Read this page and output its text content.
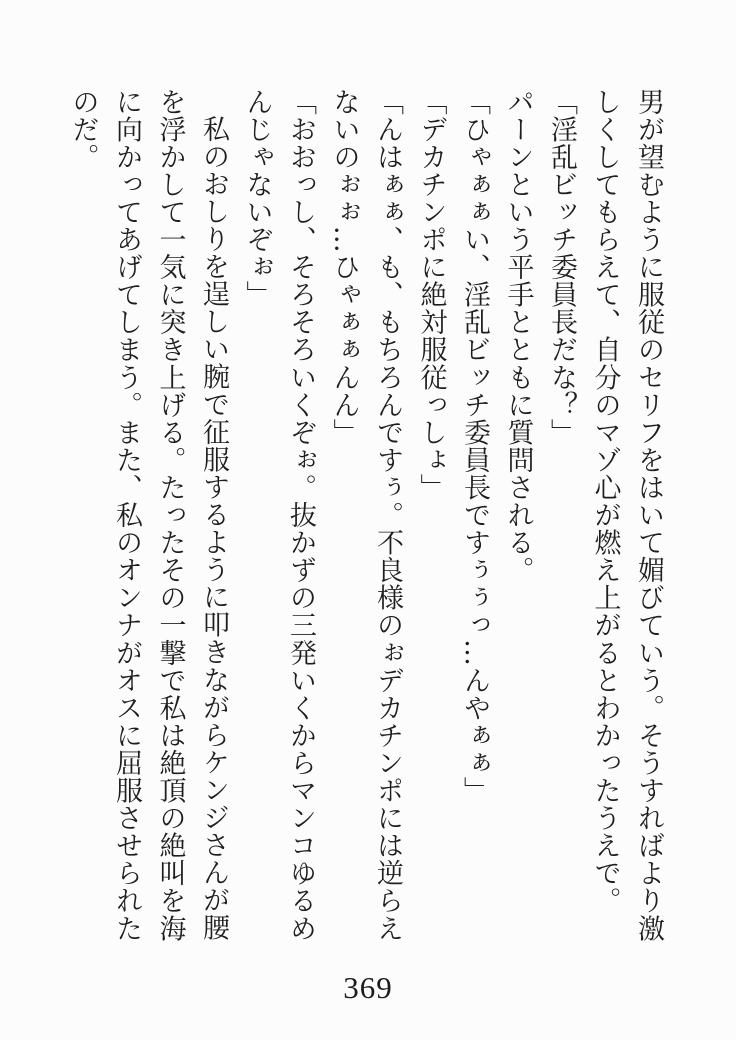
男が望むように服従のセリフをはいて媚びていう。そうすればより激

しくしてもらえて、自分のマゾ心が燃え上がるとわかったうえで。

「淫乱ビッチ委員長だな？」

パーンという平手とともに質問される。

「ひゃぁぁい、淫乱ビッチ委員長ですぅぅっ…んやぁぁ」

「デカチンポに絶対服従っしょ」

「んはぁぁ、も、もちろんですぅ。不良様のぉデカチンポには逆らえ

ないのぉぉ…ひゃぁぁんん」

「おおっし、そろそろいくぞぉ。抜かずの三発いくからマンコゆるめ

んじゃないぞぉ」

私のおしりを逞しい腕で征服するように叩きながらケンジさんが腰

を浮かして一気に突き上げる。たったその一撃で私は絶頂の絶叫を海

に向かってあげてしまう。また、私のオンナがオスに屈服させられた

のだ。

369
